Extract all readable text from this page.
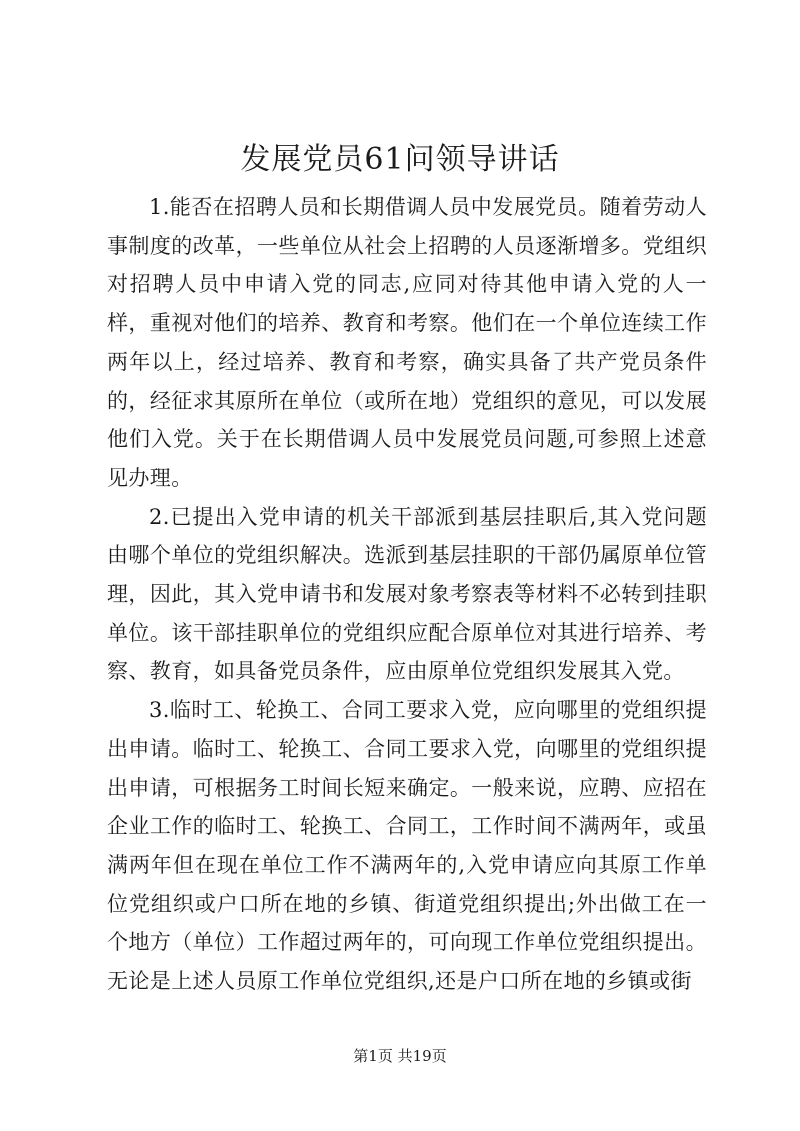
发展党员61问领导讲话

1.能否在招聘人员和长期借调人员中发展党员。随着劳动人事制度的改革，一些单位从社会上招聘的人员逐渐增多。党组织对招聘人员中申请入党的同志,应同对待其他申请入党的人一样，重视对他们的培养、教育和考察。他们在一个单位连续工作两年以上，经过培养、教育和考察，确实具备了共产党员条件的，经征求其原所在单位（或所在地）党组织的意见，可以发展他们入党。关于在长期借调人员中发展党员问题,可参照上述意见办理。

2.已提出入党申请的机关干部派到基层挂职后,其入党问题由哪个单位的党组织解决。选派到基层挂职的干部仍属原单位管理，因此，其入党申请书和发展对象考察表等材料不必转到挂职单位。该干部挂职单位的党组织应配合原单位对其进行培养、考察、教育，如具备党员条件，应由原单位党组织发展其入党。

3.临时工、轮换工、合同工要求入党，应向哪里的党组织提出申请。临时工、轮换工、合同工要求入党，向哪里的党组织提出申请，可根据务工时间长短来确定。一般来说，应聘、应招在企业工作的临时工、轮换工、合同工，工作时间不满两年，或虽满两年但在现在单位工作不满两年的,入党申请应向其原工作单位党组织或户口所在地的乡镇、街道党组织提出;外出做工在一个地方（单位）工作超过两年的，可向现工作单位党组织提出。无论是上述人员原工作单位党组织,还是户口所在地的乡镇或街

第1页 共19页
